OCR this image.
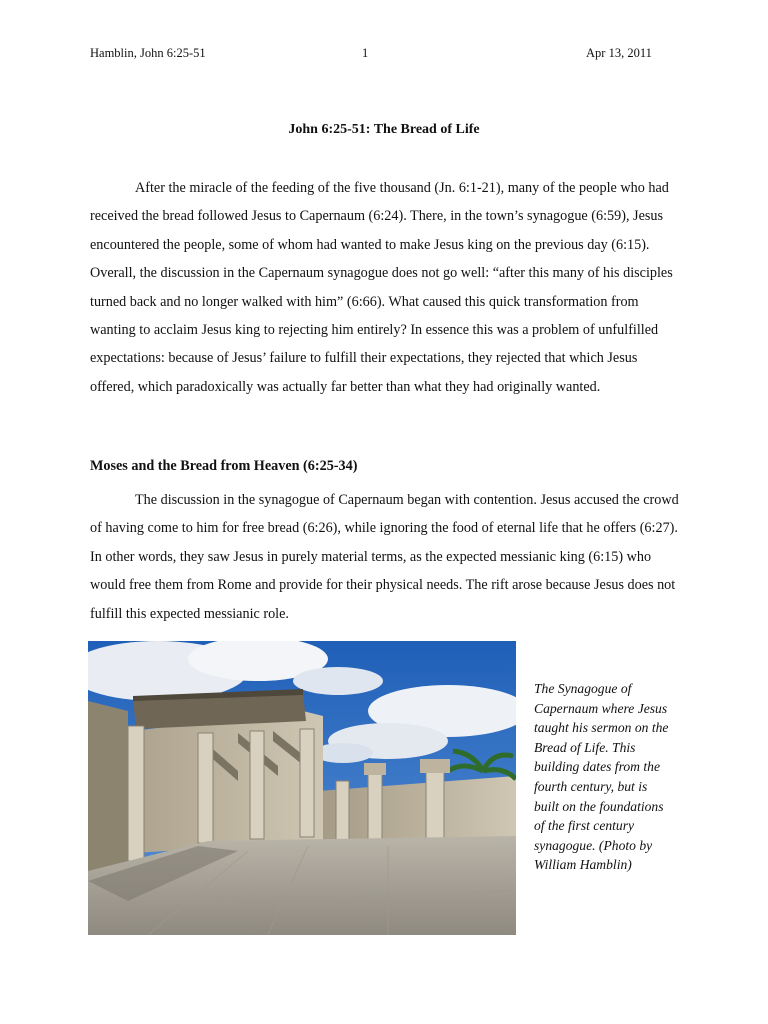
Hamblin, John 6:25-51	1	Apr 13, 2011
John 6:25-51: The Bread of Life

After the miracle of the feeding of the five thousand (Jn. 6:1-21), many of the people who had received the bread followed Jesus to Capernaum (6:24). There, in the town’s synagogue (6:59), Jesus encountered the people, some of whom had wanted to make Jesus king on the previous day (6:15). Overall, the discussion in the Capernaum synagogue does not go well: “after this many of his disciples turned back and no longer walked with him” (6:66). What caused this quick transformation from wanting to acclaim Jesus king to rejecting him entirely? In essence this was a problem of unfulfilled expectations: because of Jesus’ failure to fulfill their expectations, they rejected that which Jesus offered, which paradoxically was actually far better than what they had originally wanted.

Moses and the Bread from Heaven (6:25-34)

The discussion in the synagogue of Capernaum began with contention. Jesus accused the crowd of having come to him for free bread (6:26), while ignoring the food of eternal life that he offers (6:27). In other words, they saw Jesus in purely material terms, as the expected messianic king (6:15) who would free them from Rome and provide for their physical needs. The rift arose because Jesus does not fulfill this expected messianic role.

The Synagogue of Capernaum where Jesus taught his sermon on the Bread of Life. This building dates from the fourth century, but is built on the foundations of the first century synagogue. (Photo by William Hamblin)
